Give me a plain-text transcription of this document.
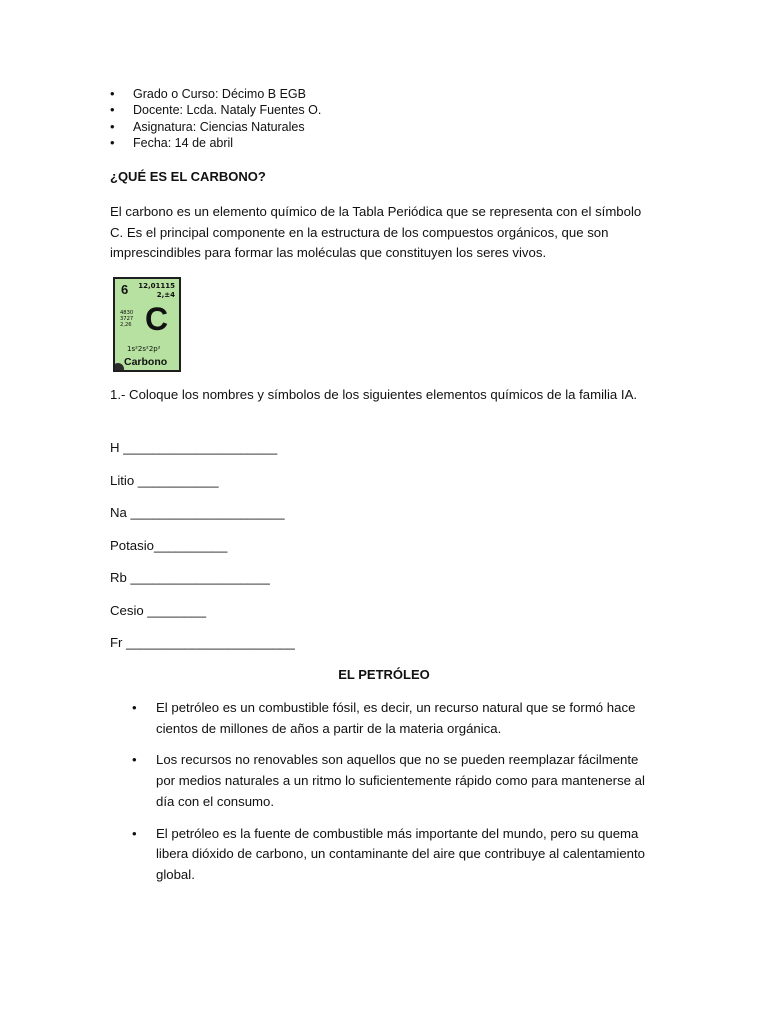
• Grado o Curso: Décimo B EGB
• Docente: Lcda. Nataly Fuentes O.
• Asignatura: Ciencias Naturales
• Fecha: 14 de abril
¿QUÉ ES EL CARBONO?

El carbono es un elemento químico de la Tabla Periódica que se representa con el símbolo C. Es el principal componente en la estructura de los compuestos orgánicos, que son imprescindibles para formar las moléculas que constituyen los seres vivos.

6 12,01115
2,±4
4830
3727
2,26 C
1s²2s²2p²
Carbono

1.- Coloque los nombres y símbolos de los siguientes elementos químicos de la familia IA.

H _____________________

Litio ___________

Na _____________________

Potasio__________

Rb ___________________

Cesio ________

Fr _______________________

EL PETRÓLEO
• El petróleo es un combustible fósil, es decir, un recurso natural que se formó hace cientos de millones de años a partir de la materia orgánica.
• Los recursos no renovables son aquellos que no se pueden reemplazar fácilmente por medios naturales a un ritmo lo suficientemente rápido como para mantenerse al día con el consumo.
• El petróleo es la fuente de combustible más importante del mundo, pero su quema libera dióxido de carbono, un contaminante del aire que contribuye al calentamiento global.
